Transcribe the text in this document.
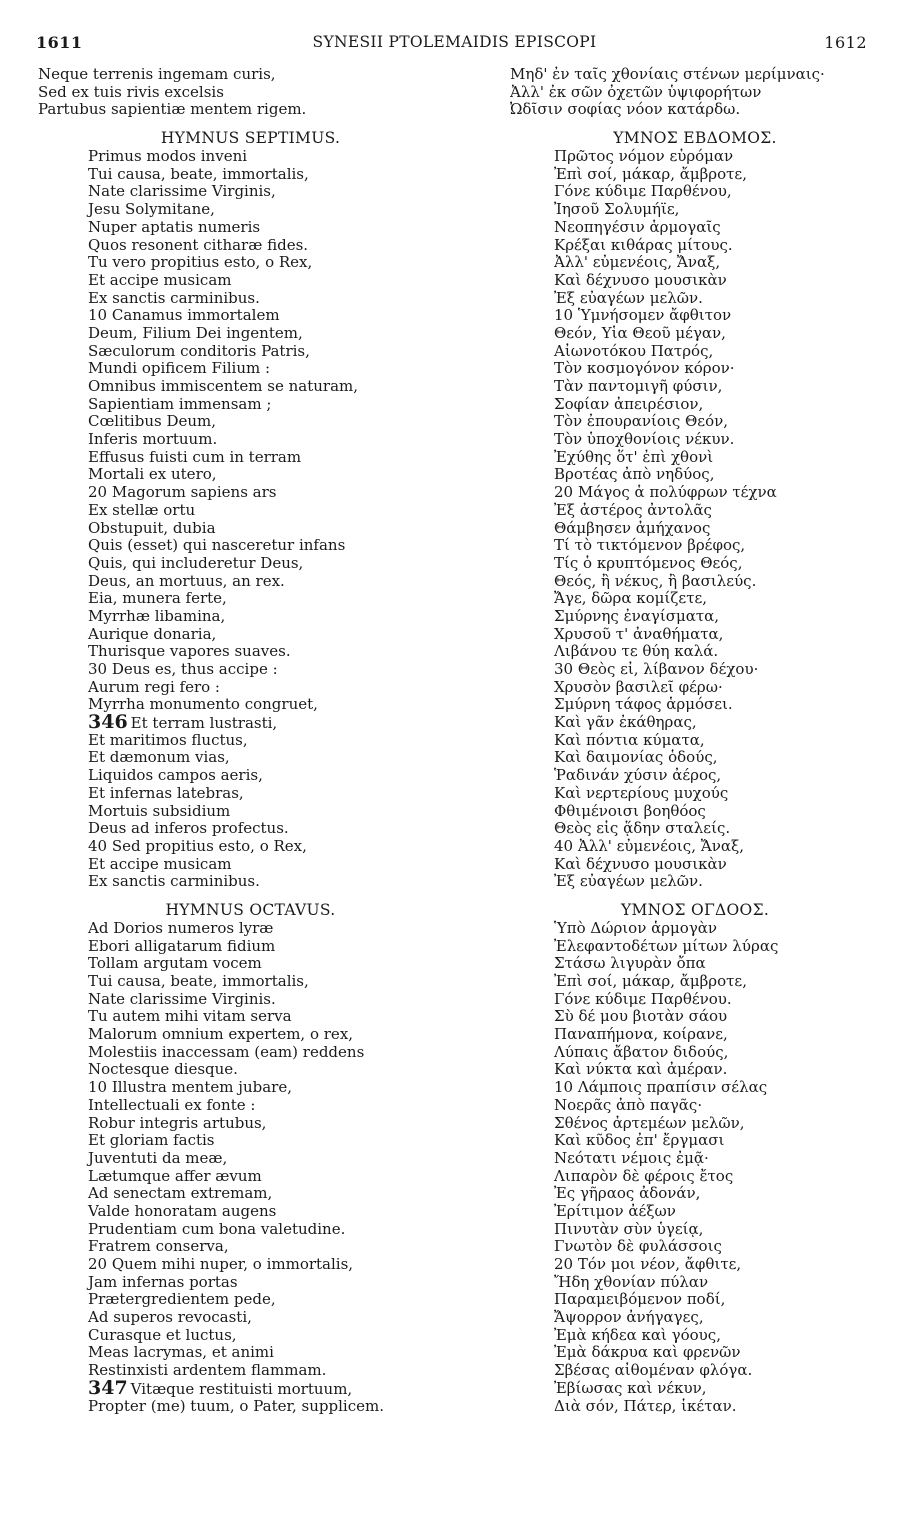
1611	SYNESII PTOLEMAIDIS EPISCOPI	1612
Neque terrenis ingemam curis,
Sed ex tuis rivis excelsis
Partubus sapientiæ mentem rigem.
HYMNUS SEPTIMUS.
Primus modos inveni
Tui causa, beate, immortalis,
Nate clarissime Virginis,
Jesu Solymitane,
Nuper aptatis numeris
Quos resonent citharæ fides.
Tu vero propitius esto, o Rex,
Et accipe musicam
Ex sanctis carminibus.
10 Canamus immortalem
Deum, Filium Dei ingentem,
Sæculorum conditoris Patris,
Mundi opificem Filium :
Omnibus immiscentem se naturam,
Sapientiam immensam ;
Cœlitibus Deum,
Inferis mortuum.
Effusus fuisti cum in terram
Mortali ex utero,
20 Magorum sapiens ars
Ex stellæ ortu
Obstupuit, dubia
Quis (esset) qui nasceretur infans
Quis, qui includeretur Deus,
Deus, an mortuus, an rex.
Eia, munera ferte,
Myrrhæ libamina,
Aurique donaria,
Thurisque vapores suaves.
30 Deus es, thus accipe :
Aurum regi fero :
Myrrha monumento congruet,
346 Et terram lustrasti,
Et maritimos fluctus,
Et dæmonum vias,
Liquidos campos aeris,
Et infernas latebras,
Mortuis subsidium
Deus ad inferos profectus.
40 Sed propitius esto, o Rex,
Et accipe musicam
Ex sanctis carminibus.
HYMNUS OCTAVUS.
Ad Dorios numeros lyræ
Ebori alligatarum fidium
Tollam argutam vocem
Tui causa, beate, immortalis,
Nate clarissime Virginis.
Tu autem mihi vitam serva
Malorum omnium expertem, o rex,
Molestiis inaccessam (eam) reddens
Noctesque diesque.
10 Illustra mentem jubare,
Intellectuali ex fonte :
Robur integris artubus,
Et gloriam factis
Juventuti da meæ,
Lætumque affer ævum
Ad senectam extremam,
Valde honoratam augens
Prudentiam cum bona valetudine.
Fratrem conserva,
20 Quem mihi nuper, o immortalis,
Jam infernas portas
Prætergredientem pede,
Ad superos revocasti,
Curasque et luctus,
Meas lacrymas, et animi
Restinxisti ardentem flammam.
347 Vitæque restituisti mortuum,
Propter (me) tuum, o Pater, supplicem.
Μηδ' ἐν ταῖς χθονίαις στένων μερίμναις·
Ἀλλ' ἐκ σῶν ὀχετῶν ὑψιφορήτων
Ὠδῖσιν σοφίας νόον κατάρδω.
ΥΜΝΟΣ ΕΒΔΟΜΟΣ.
Πρῶτος νόμον εὑρόμαν
Ἐπὶ σοί, μάκαρ, ἄμβροτε,
Γόνε κύδιμε Παρθένου,
Ἰησοῦ Σολυμήϊε,
Νεοπηγέσιν ἁρμογαῖς
Κρέξαι κιθάρας μίτους.
Ἀλλ' εὐμενέοις, Ἄναξ,
Καὶ δέχνυσο μουσικὰν
Ἐξ εὐαγέων μελῶν.
10 Ὑμνήσομεν ἄφθιτον
Θεόν, Υἷα Θεοῦ μέγαν,
Αἰωνοτόκου Πατρός,
Τὸν κοσμογόνον κόρον·
Τὰν παντομιγῆ φύσιν,
Σοφίαν ἀπειρέσιον,
Τὸν ἐπουρανίοις Θεόν,
Τὸν ὑποχθονίοις νέκυν.
Ἐχύθης ὅτ' ἐπὶ χθονὶ
Βροτέας ἀπὸ νηδύος,
20 Μάγος ἁ πολύφρων τέχνα
Ἐξ ἀστέρος ἀντολᾶς
Θάμβησεν ἀμήχανος
Τί τὸ τικτόμενον βρέφος,
Τίς ὁ κρυπτόμενος Θεός,
Θεός, ἢ νέκυς, ἢ βασιλεύς.
Ἄγε, δῶρα κομίζετε,
Σμύρνης ἐναγίσματα,
Χρυσοῦ τ' ἀναθήματα,
Λιβάνου τε θύη καλά.
30 Θεὸς εἶ, λίβανον δέχου·
Χρυσὸν βασιλεῖ φέρω·
Σμύρνη τάφος ἁρμόσει.
Καὶ γᾶν ἐκάθηρας,
Καὶ πόντια κύματα,
Καὶ δαιμονίας ὁδούς,
Ῥαδινάν χύσιν ἀέρος,
Καὶ νερτερίους μυχούς
Φθιμένοισι βοηθόος
Θεὸς εἰς ᾅδην σταλείς.
40 Ἀλλ' εὐμενέοις, Ἄναξ,
Καὶ δέχνυσο μουσικὰν
Ἐξ εὐαγέων μελῶν.
ΥΜΝΟΣ ΟΓΔΟΟΣ.
Ὑπὸ Δώριον ἁρμογὰν
Ἐλεφαντοδέτων μίτων λύρας
Στάσω λιγυρὰν ὄπα
Ἐπὶ σοί, μάκαρ, ἄμβροτε,
Γόνε κύδιμε Παρθένου.
Σὺ δέ μου βιοτὰν σάου
Παναπήμονα, κοίρανε,
Λύπαις ἄβατον διδούς,
Καὶ νύκτα καὶ ἀμέραν.
10 Λάμποις πραπίσιν σέλας
Νοερᾶς ἀπὸ παγᾶς·
Σθένος ἀρτεμέων μελῶν,
Καὶ κῦδος ἐπ' ἔργμασι
Νεότατι νέμοις ἐμᾷ·
Λιπαρὸν δὲ φέροις ἔτος
Ἐς γῆραος ἀδονάν,
Ἐρίτιμον ἀέξων
Πινυτὰν σὺν ὑγείᾳ,
Γνωτὸν δὲ φυλάσσοις
20 Τόν μοι νέον, ἄφθιτε,
Ἤδη χθονίαν πύλαν
Παραμειβόμενον ποδί,
Ἄψορρον ἀνήγαγες,
Ἐμὰ κήδεα καὶ γόους,
Ἐμὰ δάκρυα καὶ φρενῶν
Σβέσας αἰθομέναν φλόγα.
Ἐβίωσας καὶ νέκυν,
Διὰ σόν, Πάτερ, ἱκέταν.
